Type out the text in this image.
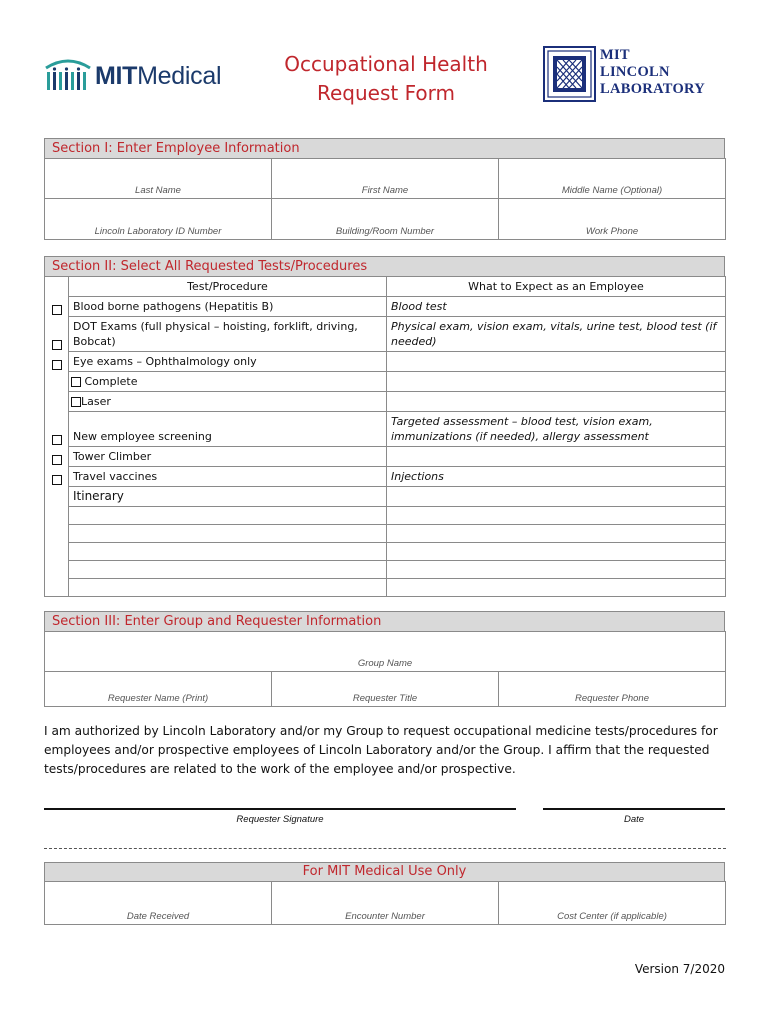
MITMedical	Occupational Health
Request Form
MIT
LINCOLN
LABORATORY
Section I: Enter Employee Information
Last Name	First Name	Middle Name (Optional)
Lincoln Laboratory ID Number	Building/Room Number	Work Phone
Section II: Select All Requested Tests/Procedures
	Test/Procedure	What to Expect as an Employee
	Blood borne pathogens (Hepatitis B)	Blood test
	DOT Exams (full physical – hoisting, forklift, driving, Bobcat)	Physical exam, vision exam, vitals, urine test, blood test (if needed)
	Eye exams – Ophthalmology only	
	Complete	
	Laser	
	New employee screening	Targeted assessment – blood test, vision exam, immunizations (if needed), allergy assessment
	Tower Climber	
	Travel vaccines	Injections
	Itinerary	

Section III: Enter Group and Requester Information
Group Name
Requester Name (Print)	Requester Title	Requester Phone
I am authorized by Lincoln Laboratory and/or my Group to request occupational medicine tests/procedures for employees and/or prospective employees of Lincoln Laboratory and/or the Group. I affirm that the requested tests/procedures are related to the work of the employee and/or prospective.
Requester Signature	Date
For MIT Medical Use Only
Date Received	Encounter Number	Cost Center (if applicable)
Version 7/2020
